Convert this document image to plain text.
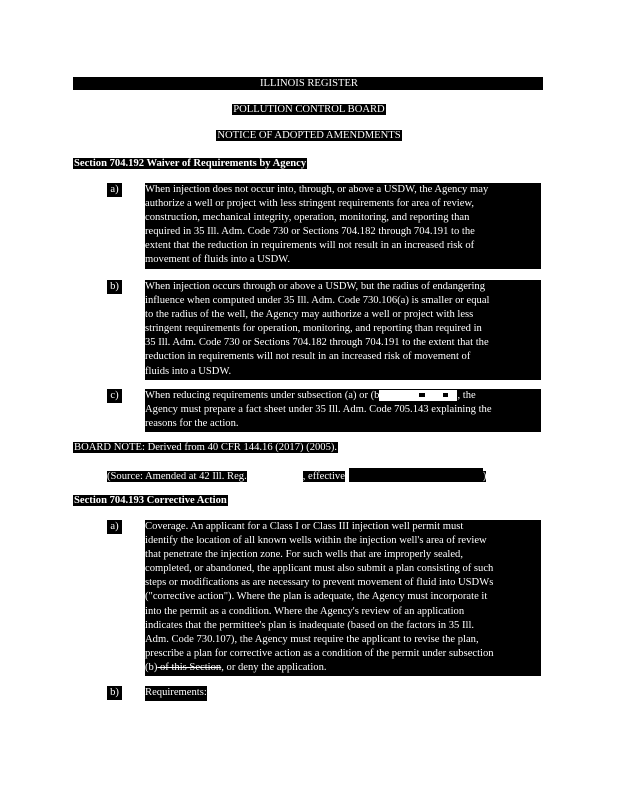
ILLINOIS REGISTER
POLLUTION CONTROL BOARD
NOTICE OF ADOPTED AMENDMENTS
Section 704.192 Waiver of Requirements by Agency
a)	When injection does not occur into, through, or above a USDW, the Agency may
authorize a well or project with less stringent requirements for area of review,
construction, mechanical integrity, operation, monitoring, and reporting than
required in 35 Ill. Adm. Code 730 or Sections 704.182 through 704.191 to the
extent that the reduction in requirements will not result in an increased risk of
movement of fluids into a USDW.
b) When injection occurs through or above a USDW, but the radius of endangering
influence when computed under 35 Ill. Adm. Code 730.106(a) is smaller or equal
to the radius of the well, the Agency may authorize a well or project with less
stringent requirements for operation, monitoring, and reporting than required in
35 Ill. Adm. Code 730 or Sections 704.182 through 704.191 to the extent that the
reduction in requirements will not result in an increased risk of movement of
fluids into a USDW.
c)	When reducing requirements under subsection (a) or (b	, the
Agency must prepare a fact sheet under 35 Ill. Adm. Code 705.143 explaining the
reasons for the action.
BOARD NOTE: Derived from 40 CFR 144.16 (2017) (2005).
(Source: Amended at 42 Ill. Reg.	, effective	)
Section 704.193 Corrective Action
a)	Coverage. An applicant for a Class I or Class III injection well permit must
identify the location of all known wells within the injection well's area of review
that penetrate the injection zone. For such wells that are improperly sealed,
completed, or abandoned, the applicant must also submit a plan consisting of such
steps or modifications as are necessary to prevent movement of fluid into USDWs
("corrective action"). Where the plan is adequate, the Agency must incorporate it
into the permit as a condition. Where the Agency's review of an application
indicates that the permittee's plan is inadequate (based on the factors in 35 Ill.
Adm. Code 730.107), the Agency must require the applicant to revise the plan,
prescribe a plan for corrective action as a condition of the permit under subsection
(b) of this Section, or deny the application.
b) Requirements:
